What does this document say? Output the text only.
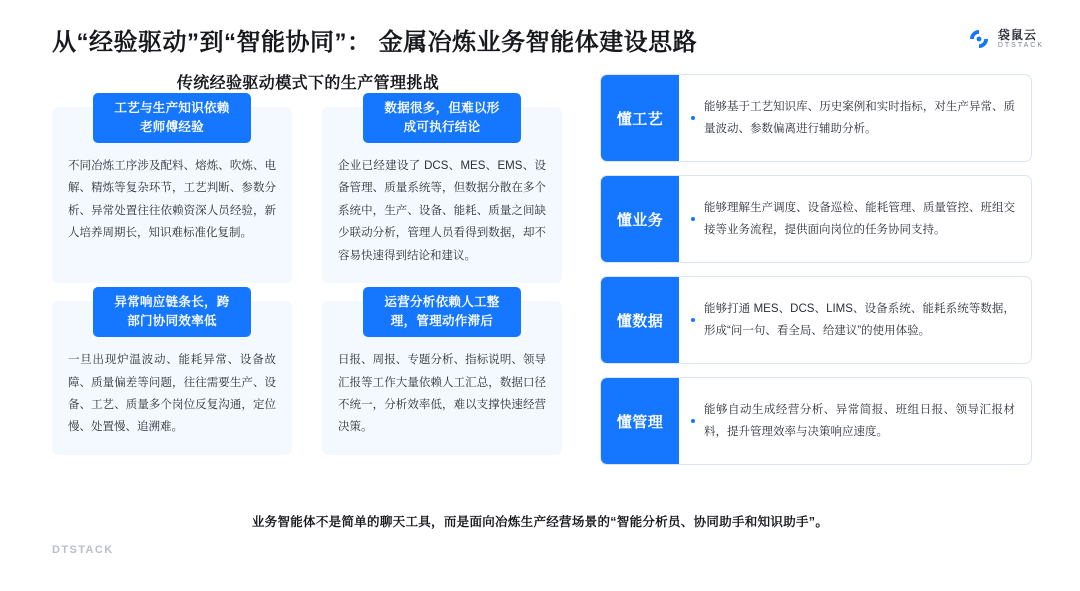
从“经验驱动”到“智能协同”： 金属冶炼业务智能体建设思路	袋鼠云
DTSTACK
传统经验驱动模式下的生产管理挑战
工艺与生产知识依赖
老师傅经验
不同冶炼工序涉及配料、熔炼、吹炼、电解、精炼等复杂环节，工艺判断、参数分析、异常处置往往依赖资深人员经验，新人培养周期长，知识难标准化复制。
数据很多，但难以形
成可执行结论
企业已经建设了 DCS、MES、EMS、设备管理、质量系统等，但数据分散在多个系统中，生产、设备、能耗、质量之间缺少联动分析，管理人员看得到数据，却不容易快速得到结论和建议。
异常响应链条长，跨
部门协同效率低
一旦出现炉温波动、能耗异常、设备故障、质量偏差等问题，往往需要生产、设备、工艺、质量多个岗位反复沟通，定位慢、处置慢、追溯难。
运营分析依赖人工整
理，管理动作滞后
日报、周报、专题分析、指标说明、领导汇报等工作大量依赖人工汇总，数据口径不统一，分析效率低，难以支撑快速经营决策。
懂工艺
能够基于工艺知识库、历史案例和实时指标，对生产异常、质量波动、参数偏离进行辅助分析。
懂业务
能够理解生产调度、设备巡检、能耗管理、质量管控、班组交接等业务流程，提供面向岗位的任务协同支持。
懂数据
能够打通 MES、DCS、LIMS、设备系统、能耗系统等数据，形成“问一句、看全局、给建议”的使用体验。
懂管理
能够自动生成经营分析、异常简报、班组日报、领导汇报材料，提升管理效率与决策响应速度。
业务智能体不是简单的聊天工具，而是面向冶炼生产经营场景的“智能分析员、协同助手和知识助手”。
DTSTACK
